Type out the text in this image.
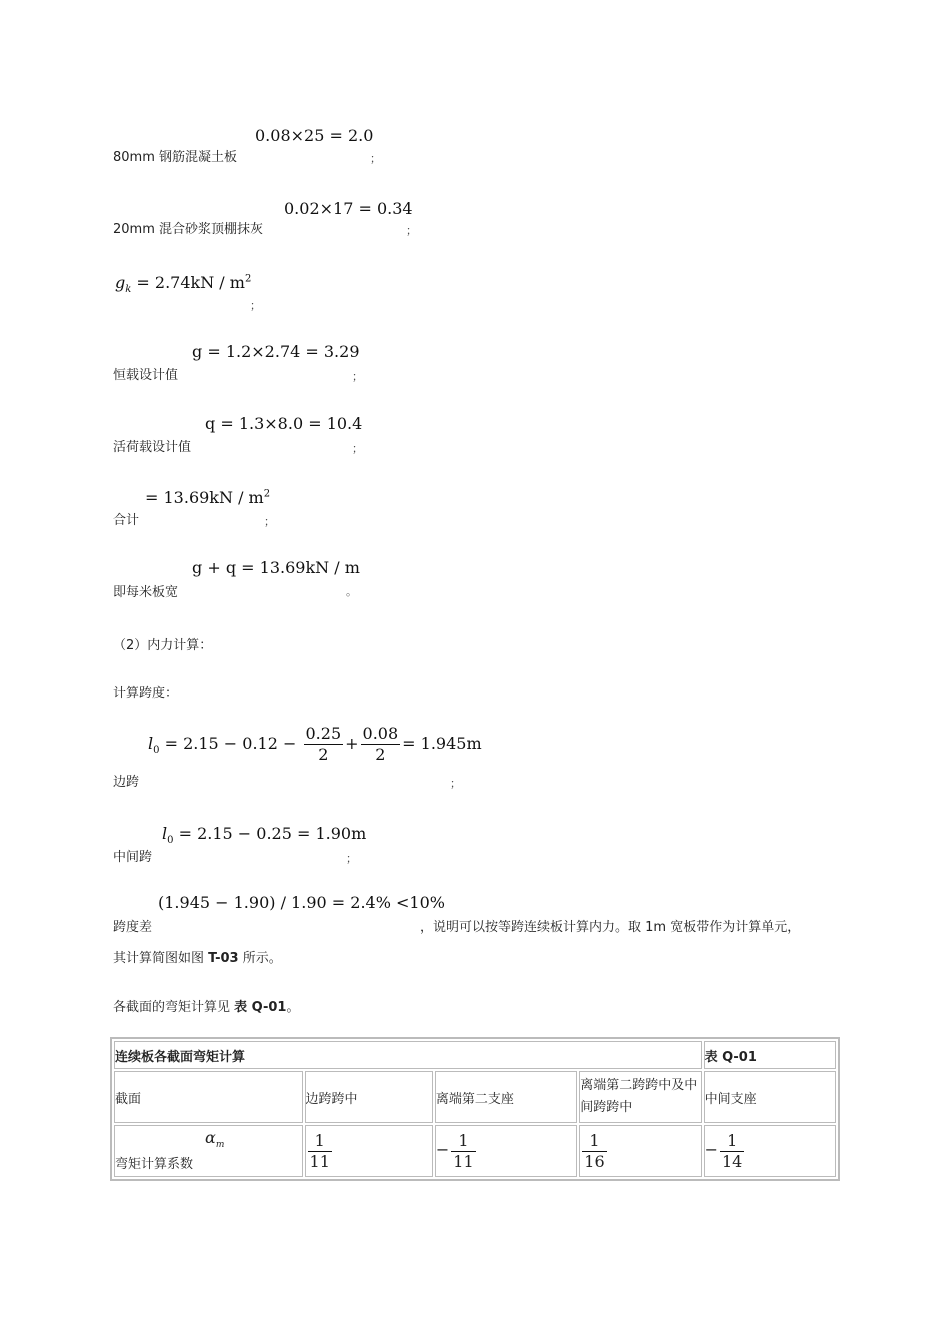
0.08×25 = 2.0
80mm 钢筋混凝土板	；
0.02×17 = 0.34
20mm 混合砂浆顶棚抹灰	；
$g_k = 2.74kN / m^2$
；
g = 1.2×2.74 = 3.29
恒载设计值	；
q = 1.3×8.0 = 10.4
活荷载设计值	；
= $13.69kN / m^2$
合计	；
g + q = 13.69kN / m
即每米板宽	。
（2）内力计算：
计算跨度：
$l_0 = 2.15 - 0.12 - \frac{0.25}{2} + \frac{0.08}{2} = 1.945m$
边跨	；
$l_0 = 2.15 - 0.25 = 1.90m$
中间跨	；
(1.945 − 1.90) / 1.90 = 2.4% <10%
跨度差	，说明可以按等跨连续板计算内力。取 1m 宽板带作为计算单元，
其计算简图如图 T-03 所示。
各截面的弯矩计算见 表 Q-01。
连续板各截面弯矩计算				表 Q-01
截面	边跨跨中	离端第二支座	离端第二跨跨中及中间跨跨中	中间支座

$\alpha_m$
弯矩计算系数	$\frac{1}{11}$	− $\frac{1}{11}$	$\frac{1}{16}$	− $\frac{1}{14}$
